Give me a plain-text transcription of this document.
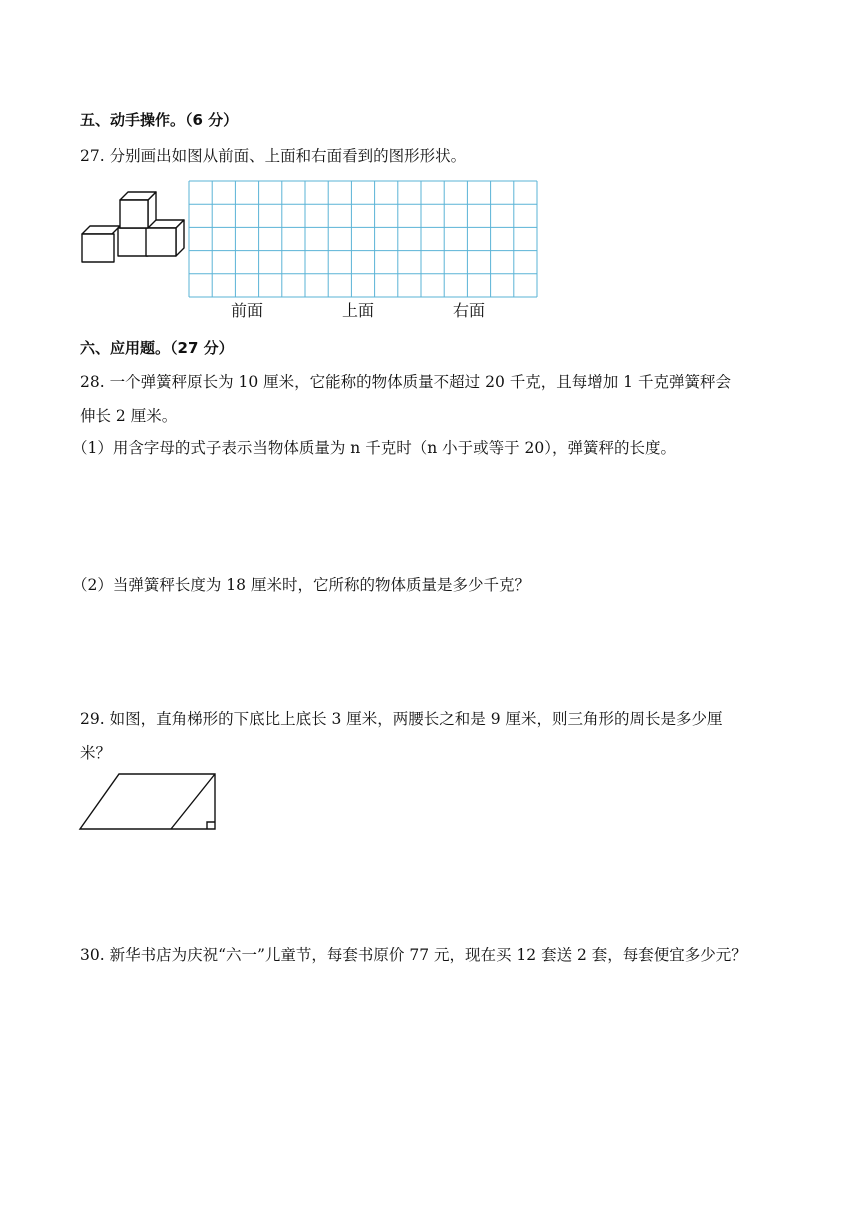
五、动手操作。（6 分）
27. 分别画出如图从前面、上面和右面看到的图形形状。
前面	上面	右面
六、应用题。（27 分）
28. 一个弹簧秤原长为 10 厘米，它能称的物体质量不超过 20 千克，且每增加 1 千克弹簧秤会
伸长 2 厘米。
（1）用含字母的式子表示当物体质量为 n 千克时（n 小于或等于 20），弹簧秤的长度。
（2）当弹簧秤长度为 18 厘米时，它所称的物体质量是多少千克？
29. 如图，直角梯形的下底比上底长 3 厘米，两腰长之和是 9 厘米，则三角形的周长是多少厘
米？
30. 新华书店为庆祝“六一”儿童节，每套书原价 77 元，现在买 12 套送 2 套，每套便宜多少元？
